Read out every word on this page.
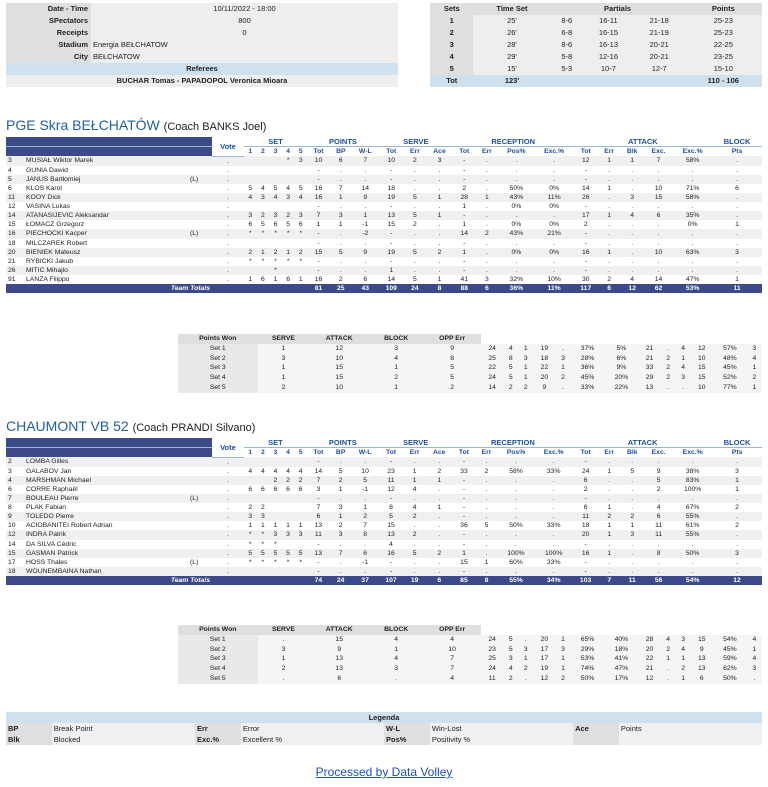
Date - Time	10/11/2022 - 18:00
SPectators	800
Receipts	0
Stadium	Energia BEŁCHATOW
City	BEŁCHATOW
Referees	
BUCHAR Tomas - PAPADOPOL Veronica Mioara	
Sets	Time Set	Partials			Points
1	25'	8-6	16-11	21-18	25-23
2	26'	6-8	16-15	21-19	25-23
3	28'	8-6	16-13	20-21	22-25
4	29'	5-8	12-16	20-21	23-25
5	15'	5-3	10-7	12-7	15-10
Tot	123'				110 - 106
PGE Skra BEŁCHATÓW (Coach BANKS Joel)
			Vote	SET					POINTS			SERVE			RECEPTION				ATTACK					BLOCK
				1	2	3	4	5	Tot	BP	W-L	Tot	Err	Ace	Tot	Err	Pos%	Exc.%	Tot	Err	Blk	Exc.	Exc.%	Pts
3	MUSIAŁ Wiktor Marek		.				*	3	10	6	7	10	2	3	-	.	.	.	12	1	1	7	58%	.
4	GUNIA Dawid		.						-	.	.	-	.	.	-	.	.	.	-	.	.	.	.	.
5	JANUS Bartłomiej	(L)	.						-	.	.	-	.	.	-	.	.	.	-	.	.	.	.	.
6	KLOS Karol		.	5	4	5	4	5	16	7	14	18	.	.	2	.	50%	0%	14	1	.	10	71%	6
11	KOOY Dick		.	4	3	4	3	4	16	1	9	19	5	1	28	1	43%	11%	26	.	3	15	58%	.
12	VASINA Lukas		.						-	.	.	-	.	.	1	.	0%	0%	-	.	.	.	.	.
14	ATANASIJEVIC Aleksandar		.	3	2	3	2	3	7	3	1	13	5	1	-	.	.	.	17	1	4	6	35%	.
15	ŁOMACZ Grzegorz		.	6	5	6	5	6	1	1	-1	15	2	.	1	.	0%	0%	2	.	.	.	0%	1
16	PIECHOCKI Kacper	(L)	.	*	*	*	*	*	-	.	-2	-	.	.	14	2	43%	21%	-	.	.	.	.	.
18	MILCZAREK Robert		.						-	.	.	-	.	.	-	.	.	.	-	.	.	.	.	.
20	BIENIEK Mateusz		.	2	1	2	1	2	15	5	9	19	5	2	1	.	0%	0%	16	1	.	10	63%	3
21	RYBICKI Jakub		.	*	*	*	*	*	-	.	.	-	.	.	-	.	.	.	-	.	.	.	.	.
26	MITIC Mihajlo		.			*			-	.	.	1	.	.	-	.	.	.	-	.	.	.	.	.
91	LANZA Filippo		.	1	6	1	6	1	16	2	6	14	5	1	41	3	32%	10%	30	2	4	14	47%	1
Team Totals									81	25	43	109	24	8	88	6	36%	11%	117	6	12	62	53%	11
Points Won	SERVE	ATTACK	BLOCK	OPP Err													
Set 1	1	12	3	9	24	4	1	19	.	37%	5%	21	.	4	12	57%	3
Set 2	3	10	4	8	25	8	3	18	3	28%	6%	21	2	1	10	48%	4
Set 3	1	15	1	5	22	5	1	22	1	36%	9%	33	2	4	15	45%	1
Set 4	1	15	2	5	24	5	1	20	2	45%	20%	29	2	3	15	52%	2
Set 5	2	10	1	2	14	2	2	9	.	33%	22%	13	.	.	10	77%	1
CHAUMONT VB 52 (Coach PRANDI Silvano)
			Vote	SET					POINTS			SERVE			RECEPTION				ATTACK					BLOCK
				1	2	3	4	5	Tot	BP	W-L	Tot	Err	Ace	Tot	Err	Pos%	Exc.%	Tot	Err	Blk	Exc.	Exc.%	Pts
2	LOMBA Gilles		.						-	.	.	-	.	.	-	.	.	.	-	.	.	.	.	.
3	GALABOV Jan		.	4	4	4	4	4	14	5	10	23	1	2	33	2	58%	33%	24	1	5	9	38%	3
4	MARSHMAN Michael		.			2	2	2	7	2	5	11	1	1	-	.	.	.	6	.	.	5	83%	1
6	CORRE Raphaël		.	6	6	6	6	6	3	1	-1	12	4	.	-	.	.	.	2	.	.	2	100%	1
7	BOULEAU Pierre	(L)	.						-	.	.	-	.	.	-	.	.	.	-	.	.	.	.	.
8	PLAK Fabian		.	2	2				7	3	1	8	4	1	-	.	.	.	6	1	.	4	67%	2
9	TOLEDO Pierre		.	3	3				6	1	2	5	2	.	-	.	.	.	11	2	2	6	55%	.
10	ACIOBANITEI Robert Adrian		.	1	1	1	1	1	13	2	7	15	.	.	36	5	50%	33%	18	1	1	11	61%	2
12	INDRA Patrik		.	*	*	3	3	3	11	3	8	13	2	.	-	.	.	.	20	1	3	11	55%	.
14	DA SILVA Cédric		.	*	*	*			-	.	.	4	.	.	-	.	.	.	-	.	.	.	.	.
15	GASMAN Patrick		.	5	5	5	5	5	13	7	6	16	5	2	1	.	100%	100%	16	1	.	8	50%	3
17	HOSS Thales	(L)	.	*	*	*	*	*	-	.	-1	-	.	.	15	1	60%	33%	-	.	.	.	.	.
18	WOUNEMBAINA Nathan		.						-	.	.	-	.	.	-	.	.	.	-	.	.	.	.	.
Team Totals									74	24	37	107	19	6	85	8	55%	34%	103	7	11	56	54%	12
Points Won	SERVE	ATTACK	BLOCK	OPP Err													
Set 1	.	15	4	4	24	5	.	20	1	65%	40%	28	4	3	15	54%	4
Set 2	3	9	1	10	23	5	3	17	3	29%	18%	20	2	4	9	45%	1
Set 3	1	13	4	7	25	3	1	17	1	53%	41%	22	1	1	13	59%	4
Set 4	2	13	3	7	24	4	2	19	1	74%	47%	21	.	2	13	62%	3
Set 5	.	6	.	4	11	2	.	12	2	50%	17%	12	.	1	6	50%	.
Legenda							
BP	Break Point	Err	Error	W-L	Win-Lost	Ace	Points
Blk	Blocked	Exc.%	Excellent %	Pos%	Positivity %		
Processed by Data Volley
